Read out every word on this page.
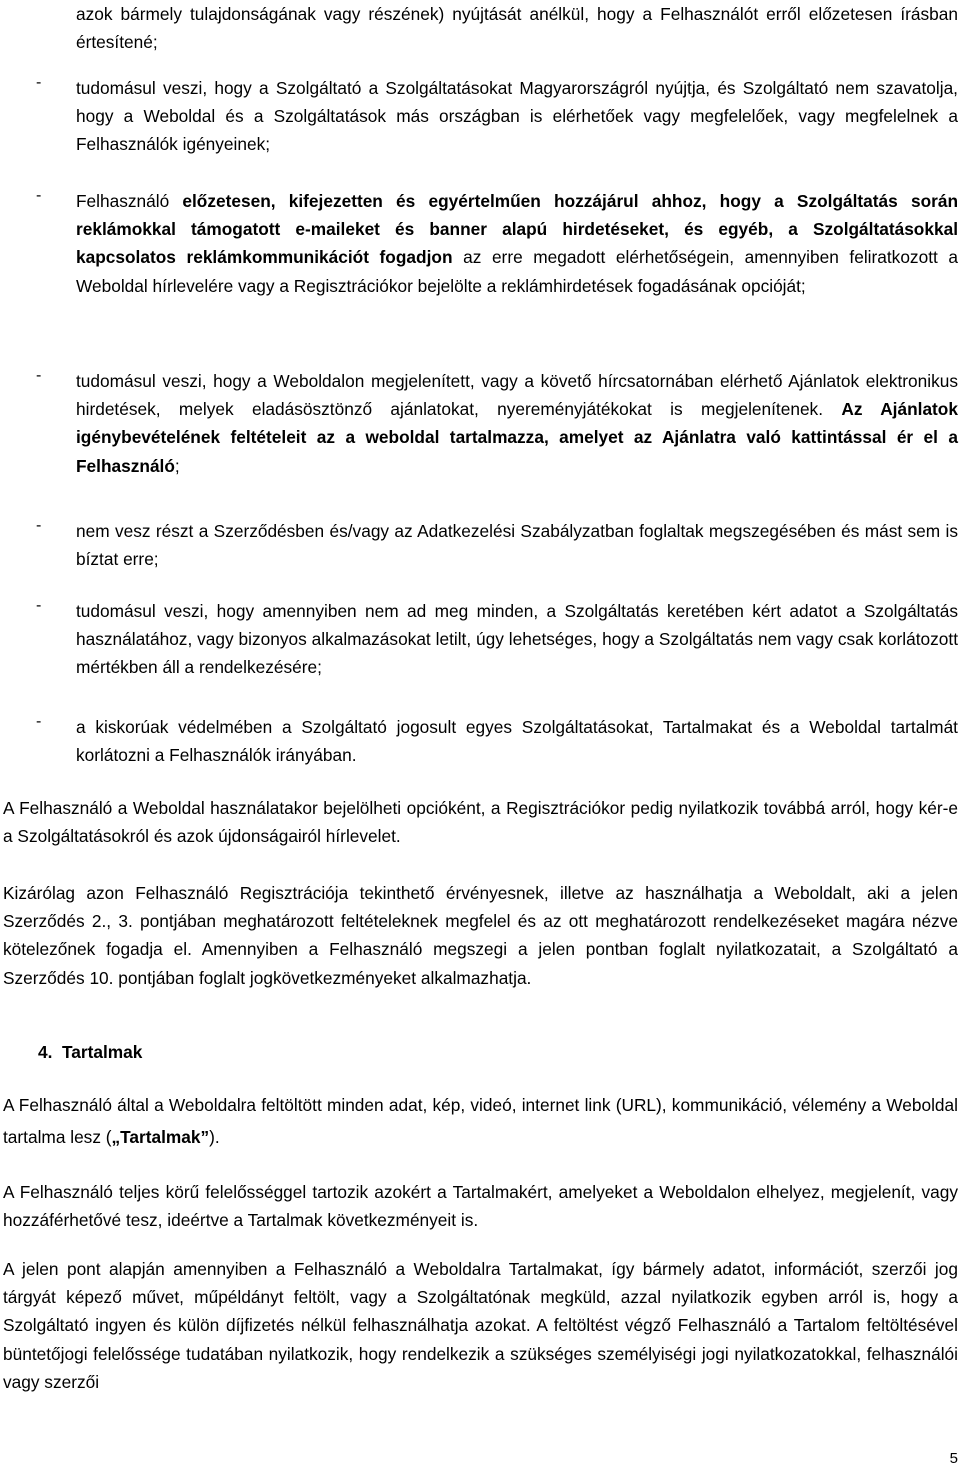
azok bármely tulajdonságának vagy részének) nyújtását anélkül, hogy a Felhasználót erről előzetesen írásban értesítené;

- tudomásul veszi, hogy a Szolgáltató a Szolgáltatásokat Magyarországról nyújtja, és Szolgáltató nem szavatolja, hogy a Weboldal és a Szolgáltatások más országban is elérhetőek vagy megfelelőek, vagy megfelelnek a Felhasználók igényeinek;

- Felhasználó előzetesen, kifejezetten és egyértelműen hozzájárul ahhoz, hogy a Szolgáltatás során reklámokkal támogatott e-maileket és banner alapú hirdetéseket, és egyéb, a Szolgáltatásokkal kapcsolatos reklámkommunikációt fogadjon az erre megadott elérhetőségein, amennyiben feliratkozott a Weboldal hírlevelére vagy a Regisztrációkor bejelölte a reklámhirdetések fogadásának opcióját;

- tudomásul veszi, hogy a Weboldalon megjelenített, vagy a követő hírcsatornában elérhető Ajánlatok elektronikus hirdetések, melyek eladásösztönző ajánlatokat, nyereményjátékokat is megjelenítenek. Az Ajánlatok igénybevételének feltételeit az a weboldal tartalmazza, amelyet az Ajánlatra való kattintással ér el a Felhasználó;

- nem vesz részt a Szerződésben és/vagy az Adatkezelési Szabályzatban foglaltak megszegésében és mást sem is bíztat erre;

- tudomásul veszi, hogy amennyiben nem ad meg minden, a Szolgáltatás keretében kért adatot a Szolgáltatás használatához, vagy bizonyos alkalmazásokat letilt, úgy lehetséges, hogy a Szolgáltatás nem vagy csak korlátozott mértékben áll a rendelkezésére;

- a kiskorúak védelmében a Szolgáltató jogosult egyes Szolgáltatásokat, Tartalmakat és a Weboldal tartalmát korlátozni a Felhasználók irányában.

A Felhasználó a Weboldal használatakor bejelölheti opcióként, a Regisztrációkor pedig nyilatkozik továbbá arról, hogy kér-e a Szolgáltatásokról és azok újdonságairól hírlevelet.

Kizárólag azon Felhasználó Regisztrációja tekinthető érvényesnek, illetve az használhatja a Weboldalt, aki a jelen Szerződés 2., 3. pontjában meghatározott feltételeknek megfelel és az ott meghatározott rendelkezéseket magára nézve kötelezőnek fogadja el. Amennyiben a Felhasználó megszegi a jelen pontban foglalt nyilatkozatait, a Szolgáltató a Szerződés 10. pontjában foglalt jogkövetkezményeket alkalmazhatja.

4. Tartalmak

A Felhasználó által a Weboldalra feltöltött minden adat, kép, videó, internet link (URL), kommunikáció, vélemény a Weboldal tartalma lesz („Tartalmak”).

A Felhasználó teljes körű felelősséggel tartozik azokért a Tartalmakért, amelyeket a Weboldalon elhelyez, megjelenít, vagy hozzáférhetővé tesz, ideértve a Tartalmak következményeit is.

A jelen pont alapján amennyiben a Felhasználó a Weboldalra Tartalmakat, így bármely adatot, információt, szerzői jog tárgyát képező művet, műpéldányt feltölt, vagy a Szolgáltatónak megküld, azzal nyilatkozik egyben arról is, hogy a Szolgáltató ingyen és külön díjfizetés nélkül felhasználhatja azokat. A feltöltést végző Felhasználó a Tartalom feltöltésével büntetőjogi felelőssége tudatában nyilatkozik, hogy rendelkezik a szükséges személyiségi jogi nyilatkozatokkal, felhasználói vagy szerzői

5
